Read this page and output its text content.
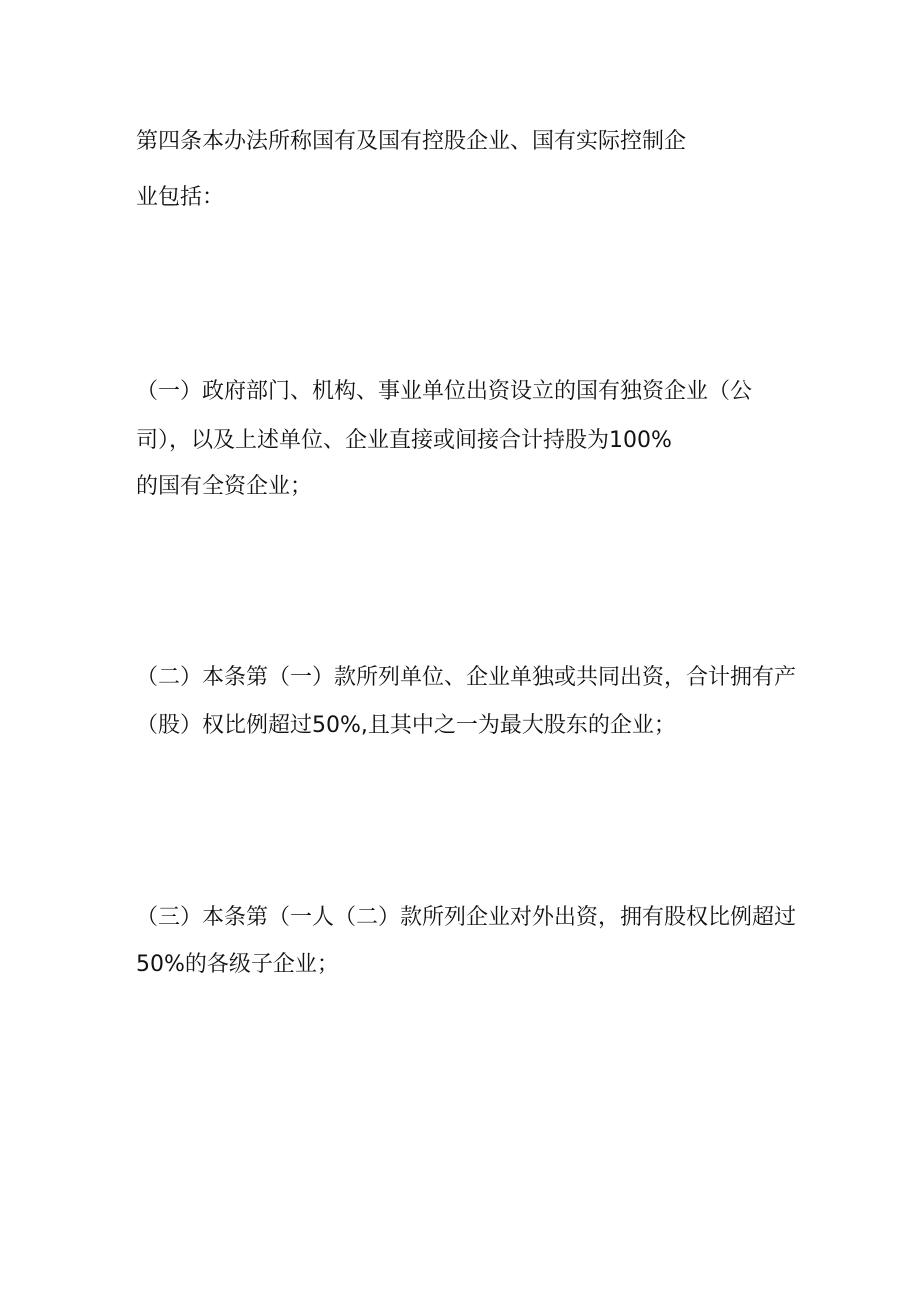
第四条本办法所称国有及国有控股企业、国有实际控制企
业包括：
（一）政府部门、机构、事业单位出资设立的国有独资企业（公
司），以及上述单位、企业直接或间接合计持股为100%
的国有全资企业；
（二）本条第（一）款所列单位、企业单独或共同出资，合计拥有产
（股）权比例超过50%,且其中之一为最大股东的企业；
（三）本条第（一人（二）款所列企业对外出资，拥有股权比例超过
50%的各级子企业；
